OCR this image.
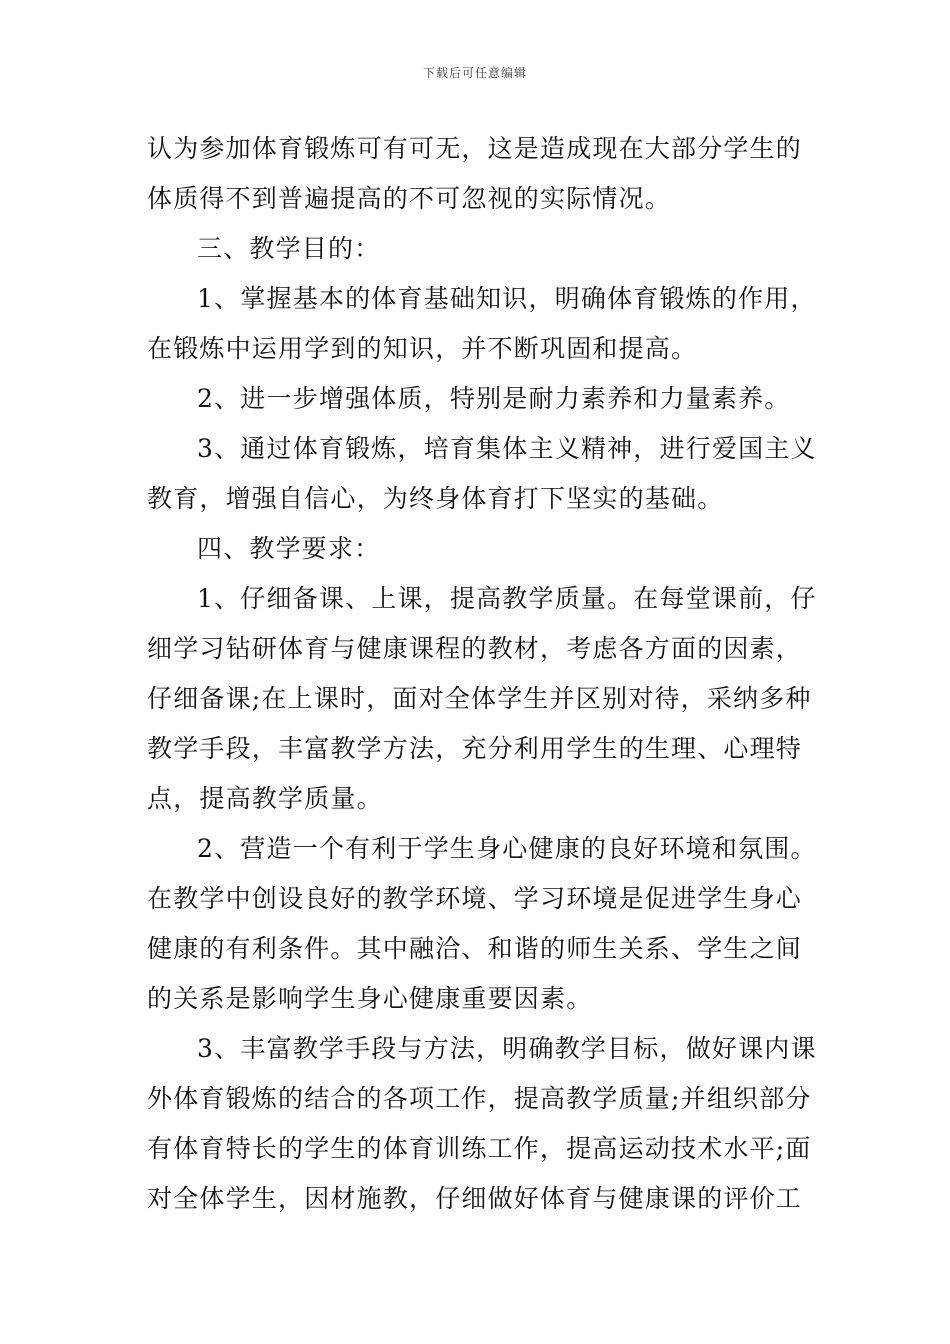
下载后可任意编辑
认为参加体育锻炼可有可无，这是造成现在大部分学生的
体质得不到普遍提高的不可忽视的实际情况。
三、教学目的：
1、掌握基本的体育基础知识，明确体育锻炼的作用，
在锻炼中运用学到的知识，并不断巩固和提高。
2、进一步增强体质，特别是耐力素养和力量素养。
3、通过体育锻炼，培育集体主义精神，进行爱国主义
教育，增强自信心，为终身体育打下坚实的基础。
四、教学要求：
1、仔细备课、上课，提高教学质量。在每堂课前，仔
细学习钻研体育与健康课程的教材，考虑各方面的因素，
仔细备课;在上课时，面对全体学生并区别对待，采纳多种
教学手段，丰富教学方法，充分利用学生的生理、心理特
点，提高教学质量。
2、营造一个有利于学生身心健康的良好环境和氛围。
在教学中创设良好的教学环境、学习环境是促进学生身心
健康的有利条件。其中融洽、和谐的师生关系、学生之间
的关系是影响学生身心健康重要因素。
3、丰富教学手段与方法，明确教学目标，做好课内课
外体育锻炼的结合的各项工作，提高教学质量;并组织部分
有体育特长的学生的体育训练工作，提高运动技术水平;面
对全体学生，因材施教，仔细做好体育与健康课的评价工
